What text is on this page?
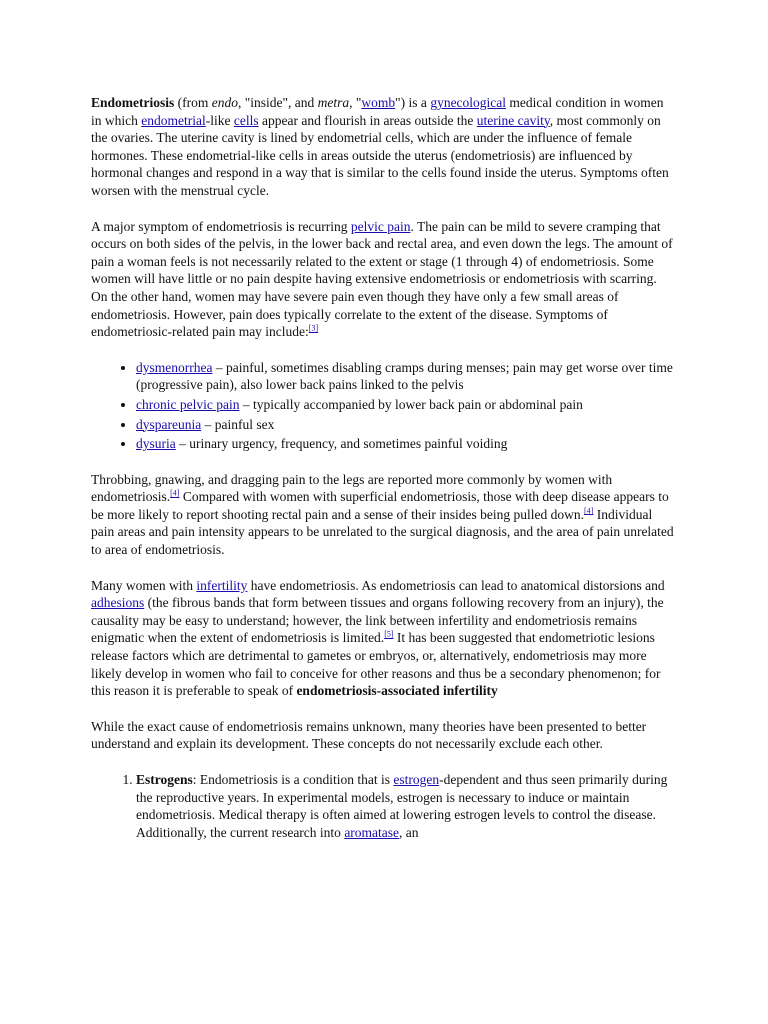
Endometriosis (from endo, "inside", and metra, "womb") is a gynecological medical condition in women in which endometrial-like cells appear and flourish in areas outside the uterine cavity, most commonly on the ovaries. The uterine cavity is lined by endometrial cells, which are under the influence of female hormones. These endometrial-like cells in areas outside the uterus (endometriosis) are influenced by hormonal changes and respond in a way that is similar to the cells found inside the uterus. Symptoms often worsen with the menstrual cycle.

A major symptom of endometriosis is recurring pelvic pain. The pain can be mild to severe cramping that occurs on both sides of the pelvis, in the lower back and rectal area, and even down the legs. The amount of pain a woman feels is not necessarily related to the extent or stage (1 through 4) of endometriosis. Some women will have little or no pain despite having extensive endometriosis or endometriosis with scarring. On the other hand, women may have severe pain even though they have only a few small areas of endometriosis. However, pain does typically correlate to the extent of the disease. Symptoms of endometriosic-related pain may include:[3]

• dysmenorrhea – painful, sometimes disabling cramps during menses; pain may get worse over time (progressive pain), also lower back pains linked to the pelvis
• chronic pelvic pain – typically accompanied by lower back pain or abdominal pain
• dyspareunia – painful sex
• dysuria – urinary urgency, frequency, and sometimes painful voiding

Throbbing, gnawing, and dragging pain to the legs are reported more commonly by women with endometriosis.[4] Compared with women with superficial endometriosis, those with deep disease appears to be more likely to report shooting rectal pain and a sense of their insides being pulled down.[4] Individual pain areas and pain intensity appears to be unrelated to the surgical diagnosis, and the area of pain unrelated to area of endometriosis.

Many women with infertility have endometriosis. As endometriosis can lead to anatomical distorsions and adhesions (the fibrous bands that form between tissues and organs following recovery from an injury), the causality may be easy to understand; however, the link between infertility and endometriosis remains enigmatic when the extent of endometriosis is limited.[5] It has been suggested that endometriotic lesions release factors which are detrimental to gametes or embryos, or, alternatively, endometriosis may more likely develop in women who fail to conceive for other reasons and thus be a secondary phenomenon; for this reason it is preferable to speak of endometriosis-associated infertility

While the exact cause of endometriosis remains unknown, many theories have been presented to better understand and explain its development. These concepts do not necessarily exclude each other.

1. Estrogens: Endometriosis is a condition that is estrogen-dependent and thus seen primarily during the reproductive years. In experimental models, estrogen is necessary to induce or maintain endometriosis. Medical therapy is often aimed at lowering estrogen levels to control the disease. Additionally, the current research into aromatase, an
